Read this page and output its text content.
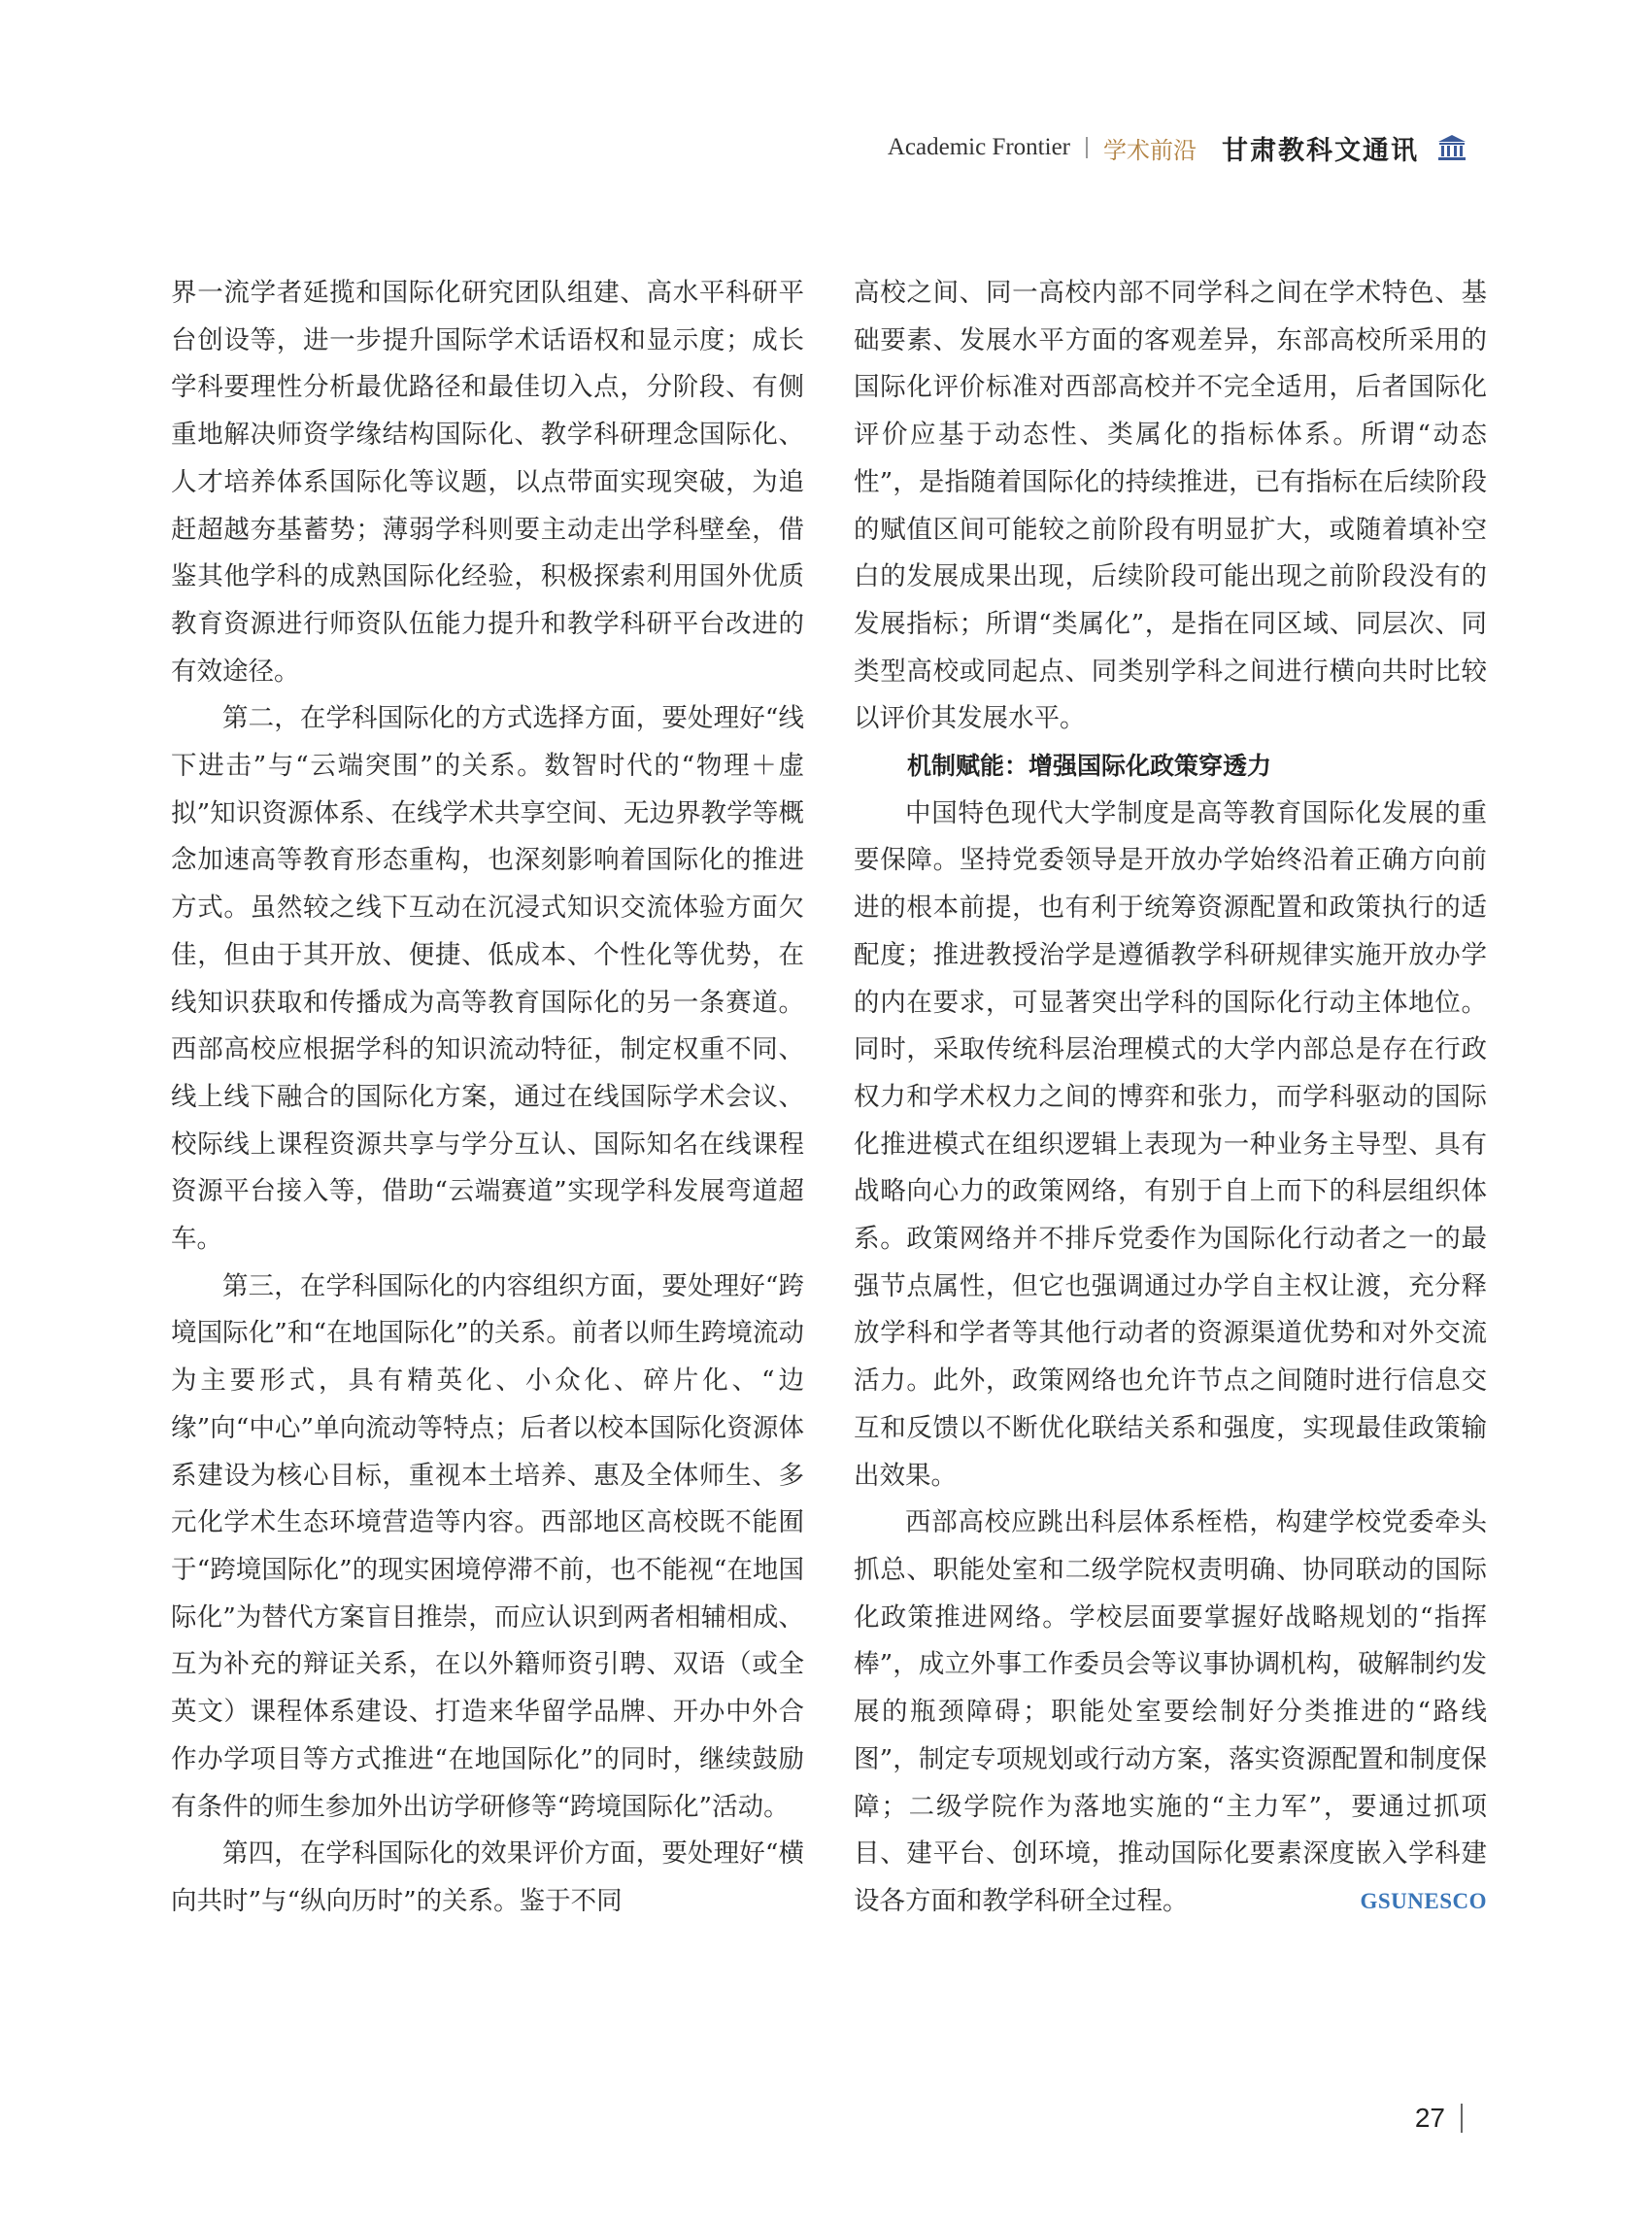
Academic Frontier 学术前沿 甘肃教科文通讯

界一流学者延揽和国际化研究团队组建、高水平科研平台创设等，进一步提升国际学术话语权和显示度；成长学科要理性分析最优路径和最佳切入点，分阶段、有侧重地解决师资学缘结构国际化、教学科研理念国际化、人才培养体系国际化等议题，以点带面实现突破，为追赶超越夯基蓄势；薄弱学科则要主动走出学科壁垒，借鉴其他学科的成熟国际化经验，积极探索利用国外优质教育资源进行师资队伍能力提升和教学科研平台改进的有效途径。

第二，在学科国际化的方式选择方面，要处理好“线下进击”与“云端突围”的关系。数智时代的“物理＋虚拟”知识资源体系、在线学术共享空间、无边界教学等概念加速高等教育形态重构，也深刻影响着国际化的推进方式。虽然较之线下互动在沉浸式知识交流体验方面欠佳，但由于其开放、便捷、低成本、个性化等优势，在线知识获取和传播成为高等教育国际化的另一条赛道。西部高校应根据学科的知识流动特征，制定权重不同、线上线下融合的国际化方案，通过在线国际学术会议、校际线上课程资源共享与学分互认、国际知名在线课程资源平台接入等，借助“云端赛道”实现学科发展弯道超车。

第三，在学科国际化的内容组织方面，要处理好“跨境国际化”和“在地国际化”的关系。前者以师生跨境流动为主要形式，具有精英化、小众化、碎片化、“边缘”向“中心”单向流动等特点；后者以校本国际化资源体系建设为核心目标，重视本土培养、惠及全体师生、多元化学术生态环境营造等内容。西部地区高校既不能囿于“跨境国际化”的现实困境停滞不前，也不能视“在地国际化”为替代方案盲目推崇，而应认识到两者相辅相成、互为补充的辩证关系，在以外籍师资引聘、双语（或全英文）课程体系建设、打造来华留学品牌、开办中外合作办学项目等方式推进“在地国际化”的同时，继续鼓励有条件的师生参加外出访学研修等“跨境国际化”活动。

第四，在学科国际化的效果评价方面，要处理好“横向共时”与“纵向历时”的关系。鉴于不同

高校之间、同一高校内部不同学科之间在学术特色、基础要素、发展水平方面的客观差异，东部高校所采用的国际化评价标准对西部高校并不完全适用，后者国际化评价应基于动态性、类属化的指标体系。所谓“动态性”，是指随着国际化的持续推进，已有指标在后续阶段的赋值区间可能较之前阶段有明显扩大，或随着填补空白的发展成果出现，后续阶段可能出现之前阶段没有的发展指标；所谓“类属化”，是指在同区域、同层次、同类型高校或同起点、同类别学科之间进行横向共时比较以评价其发展水平。

机制赋能：增强国际化政策穿透力

中国特色现代大学制度是高等教育国际化发展的重要保障。坚持党委领导是开放办学始终沿着正确方向前进的根本前提，也有利于统筹资源配置和政策执行的适配度；推进教授治学是遵循教学科研规律实施开放办学的内在要求，可显著突出学科的国际化行动主体地位。同时，采取传统科层治理模式的大学内部总是存在行政权力和学术权力之间的博弈和张力，而学科驱动的国际化推进模式在组织逻辑上表现为一种业务主导型、具有战略向心力的政策网络，有别于自上而下的科层组织体系。政策网络并不排斥党委作为国际化行动者之一的最强节点属性，但它也强调通过办学自主权让渡，充分释放学科和学者等其他行动者的资源渠道优势和对外交流活力。此外，政策网络也允许节点之间随时进行信息交互和反馈以不断优化联结关系和强度，实现最佳政策输出效果。

西部高校应跳出科层体系桎梏，构建学校党委牵头抓总、职能处室和二级学院权责明确、协同联动的国际化政策推进网络。学校层面要掌握好战略规划的“指挥棒”，成立外事工作委员会等议事协调机构，破解制约发展的瓶颈障碍；职能处室要绘制好分类推进的“路线图”，制定专项规划或行动方案，落实资源配置和制度保障；二级学院作为落地实施的“主力军”，要通过抓项目、建平台、创环境，推动国际化要素深度嵌入学科建设各方面和教学科研全过程。	GSUNESCO

27
